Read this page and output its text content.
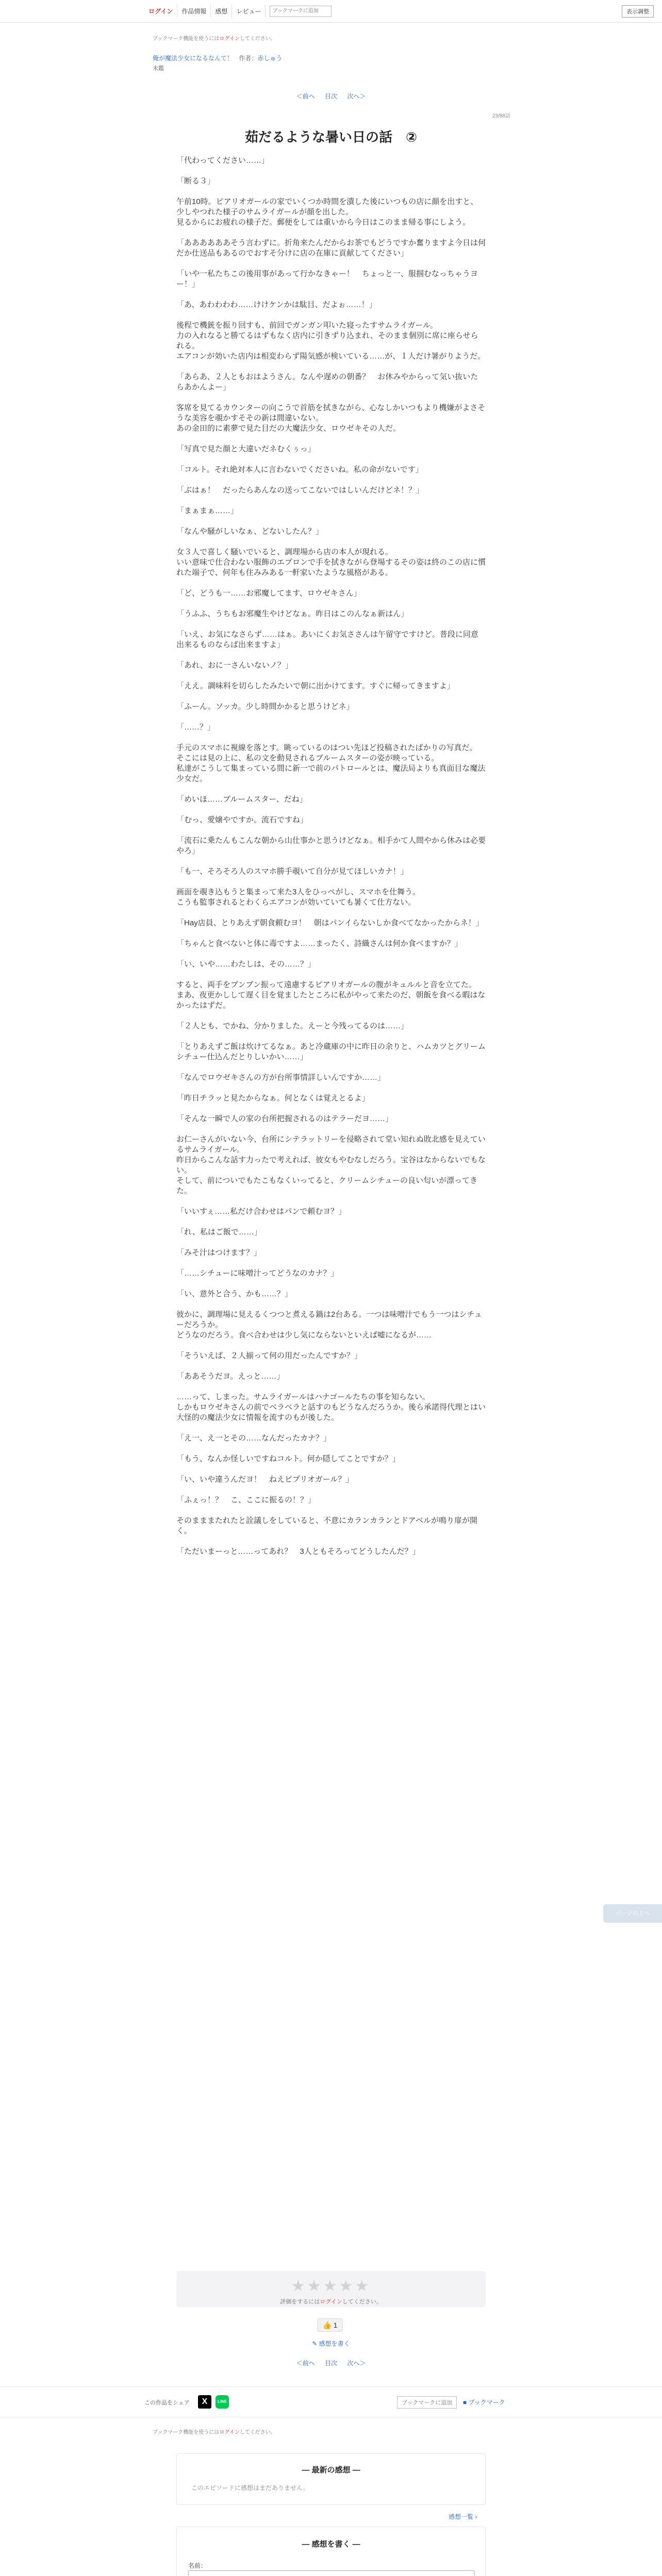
ログイン	作品情報	感想	レビュー
ブックマークに追加	表示調整
ブックマーク機能を使うにはログインしてください。
俺が魔法少女になるなんて！ 作者：赤しゅう
未鑑
＜前へ 目次 次へ＞
23/88話
茹だるような暑い日の話　②

「代わってください……」

「断る３」

午前10時。ピアリオガールの家でいくつか時間を潰した後にいつもの店に顔を出すと、少しやつれた様子のサムライガールが顔を出した。
見るからにお疲れの様子だ。郵便をしては重いから今日はこのまま帰る事にしよう。

「ああああああそう言わずに。折角来たんだからお茶でもどうですか奮りますよ今日は何だか仕送品もあるのでおすそ分けに店の在庫に貢献してください」

「いや一私たちこの後用事があって行かなきゃー！　ちょっと一、服掴むなっちゃうヨー！」

「あ、あわわわわ……けけケンかは駄目、だよぉ……！」

後程で機銃を振り回すも、前回でガンガン叩いた寝ったすサムライガール。
力の入れなると勝てるはずもなく店内に引きずり込まれ、そのまま個別に席に座らせられる。
エアコンが効いた店内は相変わらず陽気感が検いている……が、１人だけ暑がりようだ。

「あらあ、２人ともおはようさん。なんや遅めの朝番？　お休みやからって気い抜いたらあかんよー」

客席を見てるカウンターの向こうで首筋を拭きながら、心なしかいつもより機嫌がよさそうな美容を覗かすそその新は間違いない。
あの金田的に素夢で見た目だの大魔法少女、ロウゼキその人だ。

「写真で見た顔と大違いだネむくぅっ」

「コルト。それ絶対本人に言わないでくださいね。私の命がないです」

「ぶはぁ！　だったらあんなの送ってこないではしいんだけどネ！？」

「まぁまぁ……」

「なんや騒がしいなぁ、どないしたん？」

女３人で喜しく騒いでいると、調理場から店の本人が現れる。
いい意味で仕合わない服飾のエプロンで手を拭きながら登場するその姿は終のこの店に慣れた端子で、何年も住みみある一軒家いたような風格がある。

「ど、どうも一……お邪魔してます、ロウゼキさん」

「うふふ、うちもお邪魔生やけどなぁ。昨日はこのんなぁ新はん」

「いえ、お気になさらず……はぁ。あいにくお気ささんは午留守ですけど。普段に同意出来るものならば出来ますよ」

「あれ、おに一さんいないノ？」

「ええ。調味料を切らしたみたいで朝に出かけてます。すぐに帰ってきますよ」

「ふーん。ソッカ。少し時間かかると思うけどネ」

「……？」

手元のスマホに視線を落とす。眺っているのはつい先ほど投稿されたばかりの写真だ。
そこには見の上に、私の文を動見されるブルームスターの姿が映っている。
私達がこうして集まっている間に新一で前のパトロールとは、魔法局よりも真面目な魔法少女だ。

「めいほ……ブルームスター、だね」

「むっ、愛嬢やですか。流石ですね」

「流石に乗たんもこんな朝から山仕事かと思うけどなぁ。相手かて人間やから休みは必要やろ」

「も一、そろそろ人のスマホ勝手覗いて自分が見てほしいカナ！」

画面を覗き込もうと集まって来た3人をひっぺがし、スマホを仕舞う。
こうも監事されるとわくらエアコンが効いていても暑くて仕方ない。

「Hay店員、とりあえず朝食頼むヨ！　朝はパンイらないしか食べてなかったからネ！」

「ちゃんと食べないと体に毒ですよ……まったく、詩織さんは何か食べますか？」

「い、いや……わたしは、その……？」

すると、両手をブンブン振って遠慮するピアリオガールの腹がキュルルと音を立てた。
まあ、夜更かしして遅く目を覚ましたところに私がやって来たのだ、朝飯を食べる暇はなかったはずだ。

「２人とも、でかね、分かりました。えーと今残ってるのは……」

「とりあえずご飯は炊けてるなぁ。あと冷蔵庫の中に昨日の余りと、ハムカツとグリームシチュー仕込んだとりしいかい……」

「なんでロウゼキさんの方が台所事情詳しいんですか……」

「昨日チラッと見たからなぁ。何となくは覚えとるよ」

「そんな一瞬で人の家の台所把握されるのはテラーだヨ……」

お仁ーさんがいない今、台所にシテラットリーを侵略されて堂い知れぬ敗北感を見えているサムライガール。
昨日からこんな話す力ったで考えれば、彼女もやむなしだろう。宝谷はなからないでもない。
そして、前についでもたこもなくいってると、クリームシチューの良い匂いが漂ってきた。

「いいすぇ……私だけ合わせはパンで頼むヨ？」

「れ、私はご飯で……」

「みそ汁はつけます？」

「……シチューに味噌汁ってどうなのカナ？」

「い、意外と合う、かも……？」

彼かに、調理場に見えるくつつと煮える鍋は2台ある。一つは味噌汁でもう一つはシチューだろうか。
どうなのだろう。食べ合わせは少し気にならないといえば嘘になるが……

「そういえば、２人揃って何の用だったんですか？」

「ああそうだヨ。えっと……」

……って、しまった。サムライガールはハナゴールたちの事を知らない。
しかもロウゼキさんの前でベラベラと話すのもどうなんだろうか。後ら承諾得代理とはい大怪的の魔法少女に情報を流すのもが後した。

「え一、え一とその……なんだったカナ？」

「もう、なんか怪しいですねコルト。何か隠してことですか？」

「い、いや違うんだヨ！　ねえピプリオガール？」

「ふぇっ！？　こ、ここに振るの！？」

そのまままたれたと詮議しをしていると、不意にカランカランとドアベルが鳴り扉が開く。

「ただいまーっと……ってあれ？　3人ともそろってどうしたんだ？」

ページの上へ
★★★★★
評価をするにはログインしてください。
👍 1
✎ 感想を書く
＜前へ 目次 次へ＞
この作品をシェア	X	LINE	ブックマークに追加 ■ ブックマーク
ブックマーク機能を使うにはログインしてください。
— 最新の感想 —
このエピソードに感想はまだありません。
感想一覧 ›
— 感想を書く —
名前：
